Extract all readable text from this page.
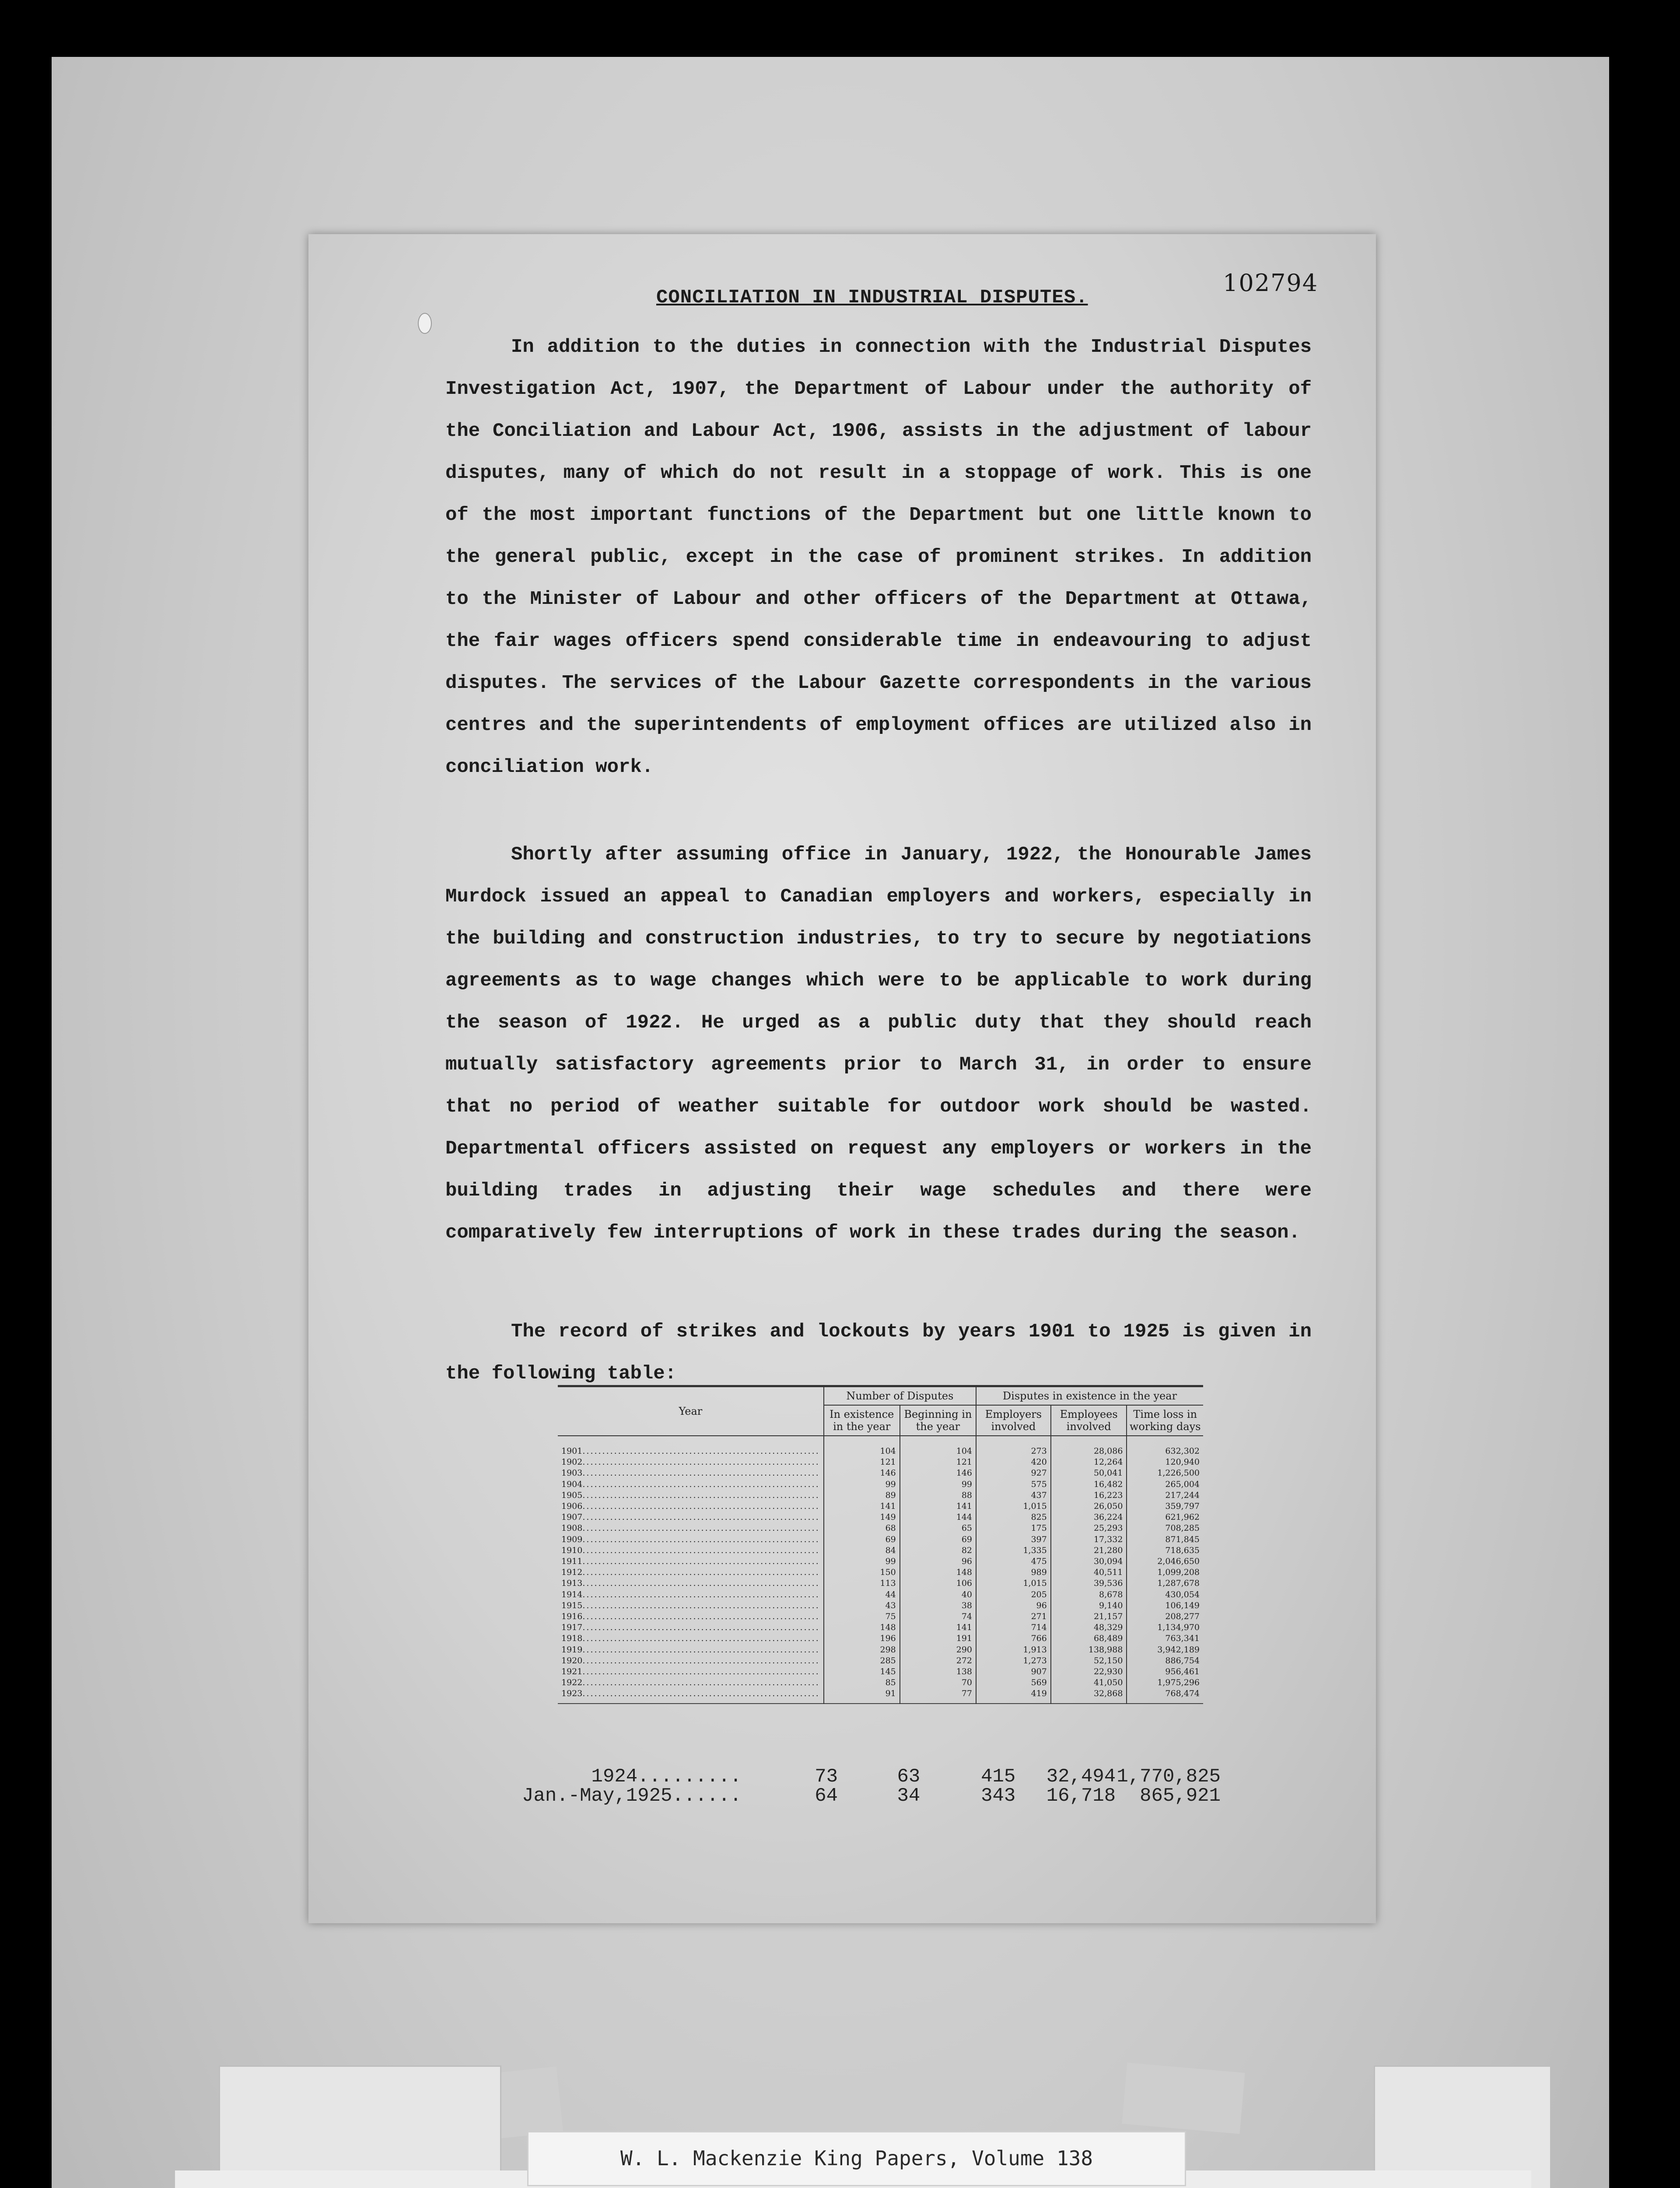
102794
CONCILIATION IN INDUSTRIAL DISPUTES.

In addition to the duties in connection with the Industrial Disputes Investigation Act, 1907, the Department of Labour under the authority of the Conciliation and Labour Act, 1906, assists in the adjustment of labour disputes, many of which do not result in a stoppage of work. This is one of the most important functions of the Department but one little known to the general public, except in the case of prominent strikes. In addition to the Minister of Labour and other officers of the Department at Ottawa, the fair wages officers spend considerable time in endeavouring to adjust disputes. The services of the Labour Gazette correspondents in the various centres and the superintendents of employment offices are utilized also in conciliation work.

Shortly after assuming office in January, 1922, the Honourable James Murdock issued an appeal to Canadian employers and workers, especially in the building and construction industries, to try to secure by negotiations agreements as to wage changes which were to be applicable to work during the season of 1922. He urged as a public duty that they should reach mutually satisfactory agreements prior to March 31, in order to ensure that no period of weather suitable for outdoor work should be wasted. Departmental officers assisted on request any employers or workers in the building trades in adjusting their wage schedules and there were comparatively few interruptions of work in these trades during the season.

The record of strikes and lockouts by years 1901 to 1925 is given in the following table:

Year	Number of Disputes		Disputes in existence in the year		
	In existence in the year	Beginning in the year	Employers involved	Employees involved	Time loss in working days
1901............................................................	104	104	273	28,086	632,302
1902............................................................	121	121	420	12,264	120,940
1903............................................................	146	146	927	50,041	1,226,500
1904............................................................	99	99	575	16,482	265,004
1905............................................................	89	88	437	16,223	217,244
1906............................................................	141	141	1,015	26,050	359,797
1907............................................................	149	144	825	36,224	621,962
1908............................................................	68	65	175	25,293	708,285
1909............................................................	69	69	397	17,332	871,845
1910............................................................	84	82	1,335	21,280	718,635
1911............................................................	99	96	475	30,094	2,046,650
1912............................................................	150	148	989	40,511	1,099,208
1913............................................................	113	106	1,015	39,536	1,287,678
1914............................................................	44	40	205	8,678	430,054
1915............................................................	43	38	96	9,140	106,149
1916............................................................	75	74	271	21,157	208,277
1917............................................................	148	141	714	48,329	1,134,970
1918............................................................	196	191	766	68,489	763,341
1919............................................................	298	290	1,913	138,988	3,942,189
1920............................................................	285	272	1,273	52,150	886,754
1921............................................................	145	138	907	22,930	956,461
1922............................................................	85	70	569	41,050	1,975,296
1923............................................................	91	77	419	32,868	768,474
1924.........	73	63	415	32,494	1,770,825
Jan.-May,1925......	64	34	343	16,718	865,921
W. L. Mackenzie King Papers, Volume 138
